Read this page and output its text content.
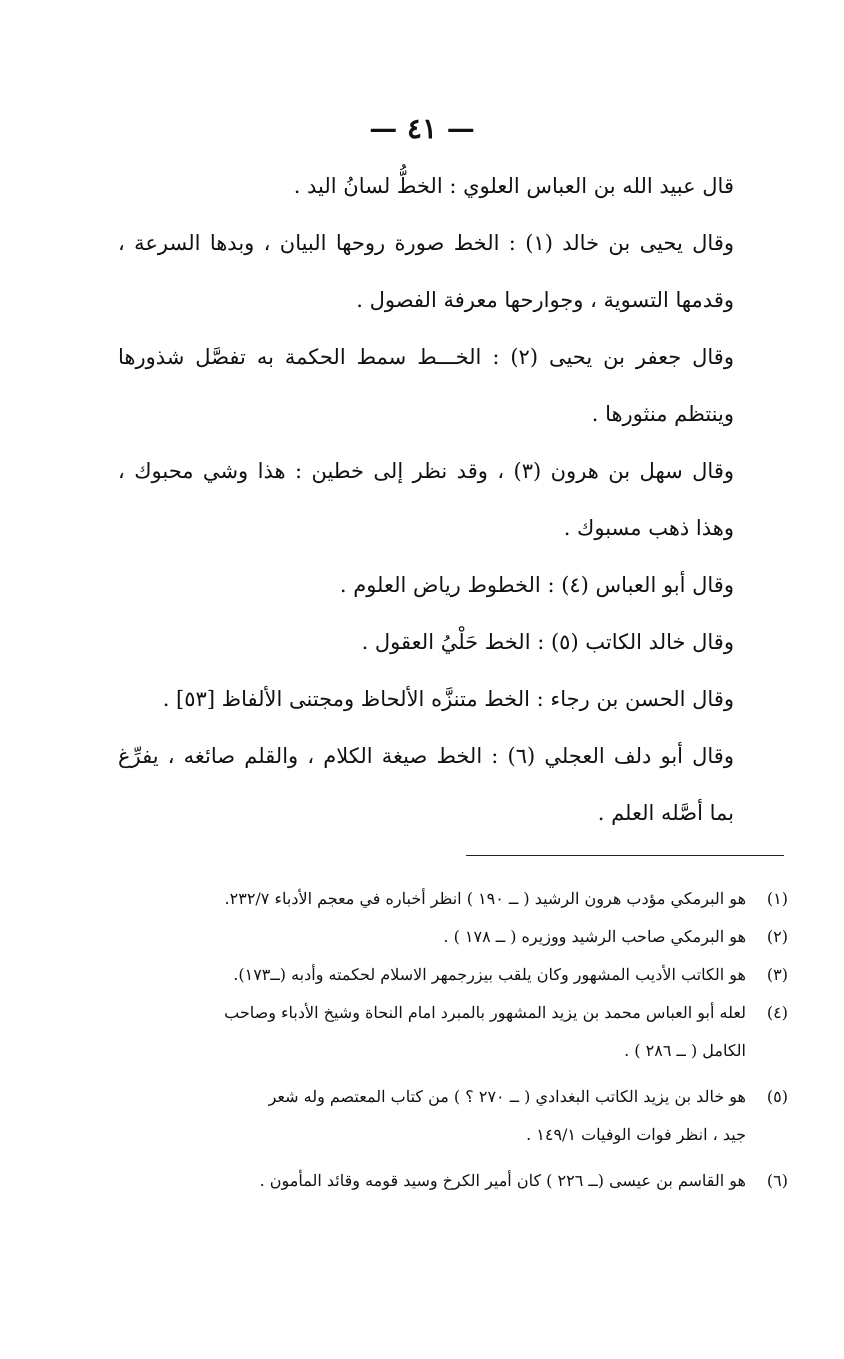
— ٤١ —

قال عبيد الله بن العباس العلوي : الخطُّ لسانُ اليد .

وقال يحيى بن خالد (١) : الخط صورة روحها البيان ، وبدها السرعة ،
وقدمها التسوية ، وجوارحها معرفة الفصول .

وقال جعفر بن يحيى (٢) : الخـــط سمط الحكمة به تفصَّل شذورها
وينتظم منثورها .

وقال سهل بن هرون (٣) ، وقد نظر إلى خطين : هذا وشي محبوك ،
وهذا ذهب مسبوك .

وقال أبو العباس (٤) : الخطوط رياض العلوم .

وقال خالد الكاتب (٥) : الخط حَلْيُ العقول .

وقال الحسن بن رجاء : الخط متنزَّه الألحاظ ومجتنى الألفاظ [٥٣] .

وقال أبو دلف العجلي (٦) : الخط صيغة الكلام ، والقلم صائغه ، يفرِّغ
بما أصَّله العلم .

(١)
هو البرمكي مؤدب هرون الرشيد ( ــ ١٩٠ ) انظر أخباره في معجم الأدباء ٢٣٢/٧.
(٢)
هو البرمكي صاحب الرشيد ووزيره ( ــ ١٧٨ ) .
(٣)
هو الكاتب الأديب المشهور وكان يلقب بيزرجمهر الاسلام لحكمته وأدبه (ــ١٧٣).
(٤)
لعله أبو العباس محمد بن يزيد المشهور بالمبرد امام النحاة وشيخ الأدباء وصاحب
الكامل ( ــ ٢٨٦ ) .
(٥)
هو خالد بن يزيد الكاتب البغدادي ( ــ ٢٧٠ ؟ ) من كتاب المعتصم وله شعر
جيد ، انظر فوات الوفيات ١٤٩/١ .
(٦)
هو القاسم بن عيسى (ــ ٢٢٦ ) كان أمير الكرخ وسيد قومه وقائد المأمون .
